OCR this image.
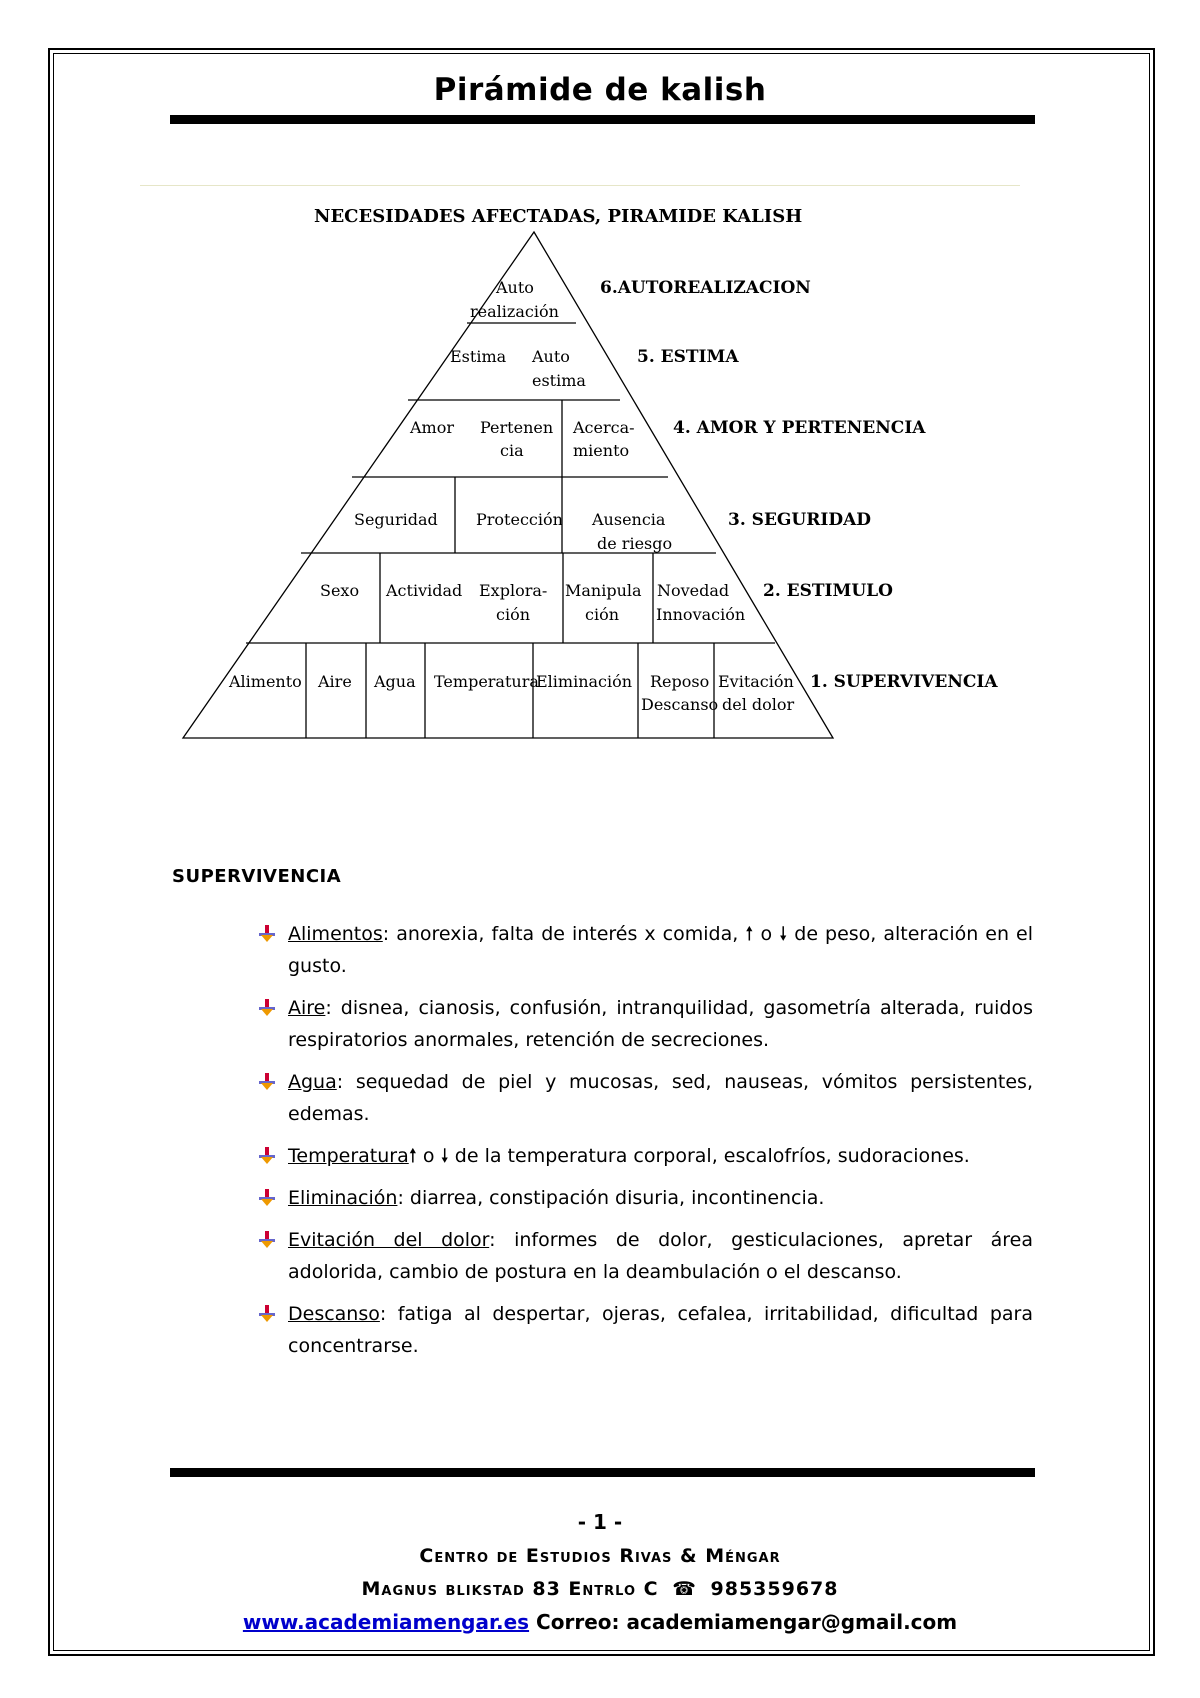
Pirámide de kalish
NECESIDADES AFECTADAS, PIRAMIDE KALISH
Auto
realización
Estima Auto
estima
Amor Pertenen
cia
Acerca-
miento
Seguridad Protección Ausencia
de riesgo
Sexo Actividad Explora-
ción
Manipula
ción
Novedad
Innovación
Alimento Aire Agua Temperatura
Eliminación Reposo
Descanso
Evitación
del dolor
6.AUTOREALIZACION
5. ESTIMA
4. AMOR Y PERTENENCIA
3. SEGURIDAD
2. ESTIMULO
1. SUPERVIVENCIA
SUPERVIVENCIA
Alimentos: anorexia, falta de interés x comida, 🠕 o 🠗 de peso, alteración en el gusto.
Aire: disnea, cianosis, confusión, intranquilidad, gasometría alterada, ruidos respiratorios anormales, retención de secreciones.
Agua: sequedad de piel y mucosas, sed, nauseas, vómitos persistentes, edemas.
Temperatura🠕 o 🠗 de la temperatura corporal, escalofríos, sudoraciones.
Eliminación: diarrea, constipación disuria, incontinencia.
Evitación del dolor: informes de dolor, gesticulaciones, apretar área adolorida, cambio de postura en la deambulación o el descanso.
Descanso: fatiga al despertar, ojeras, cefalea, irritabilidad, dificultad para concentrarse.
- 1 -
Centro de Estudios Rivas & Méngar
Magnus blikstad 83 Entrlo C ☎ 985359678
www.academiamengar.es Correo: academiamengar@gmail.com
